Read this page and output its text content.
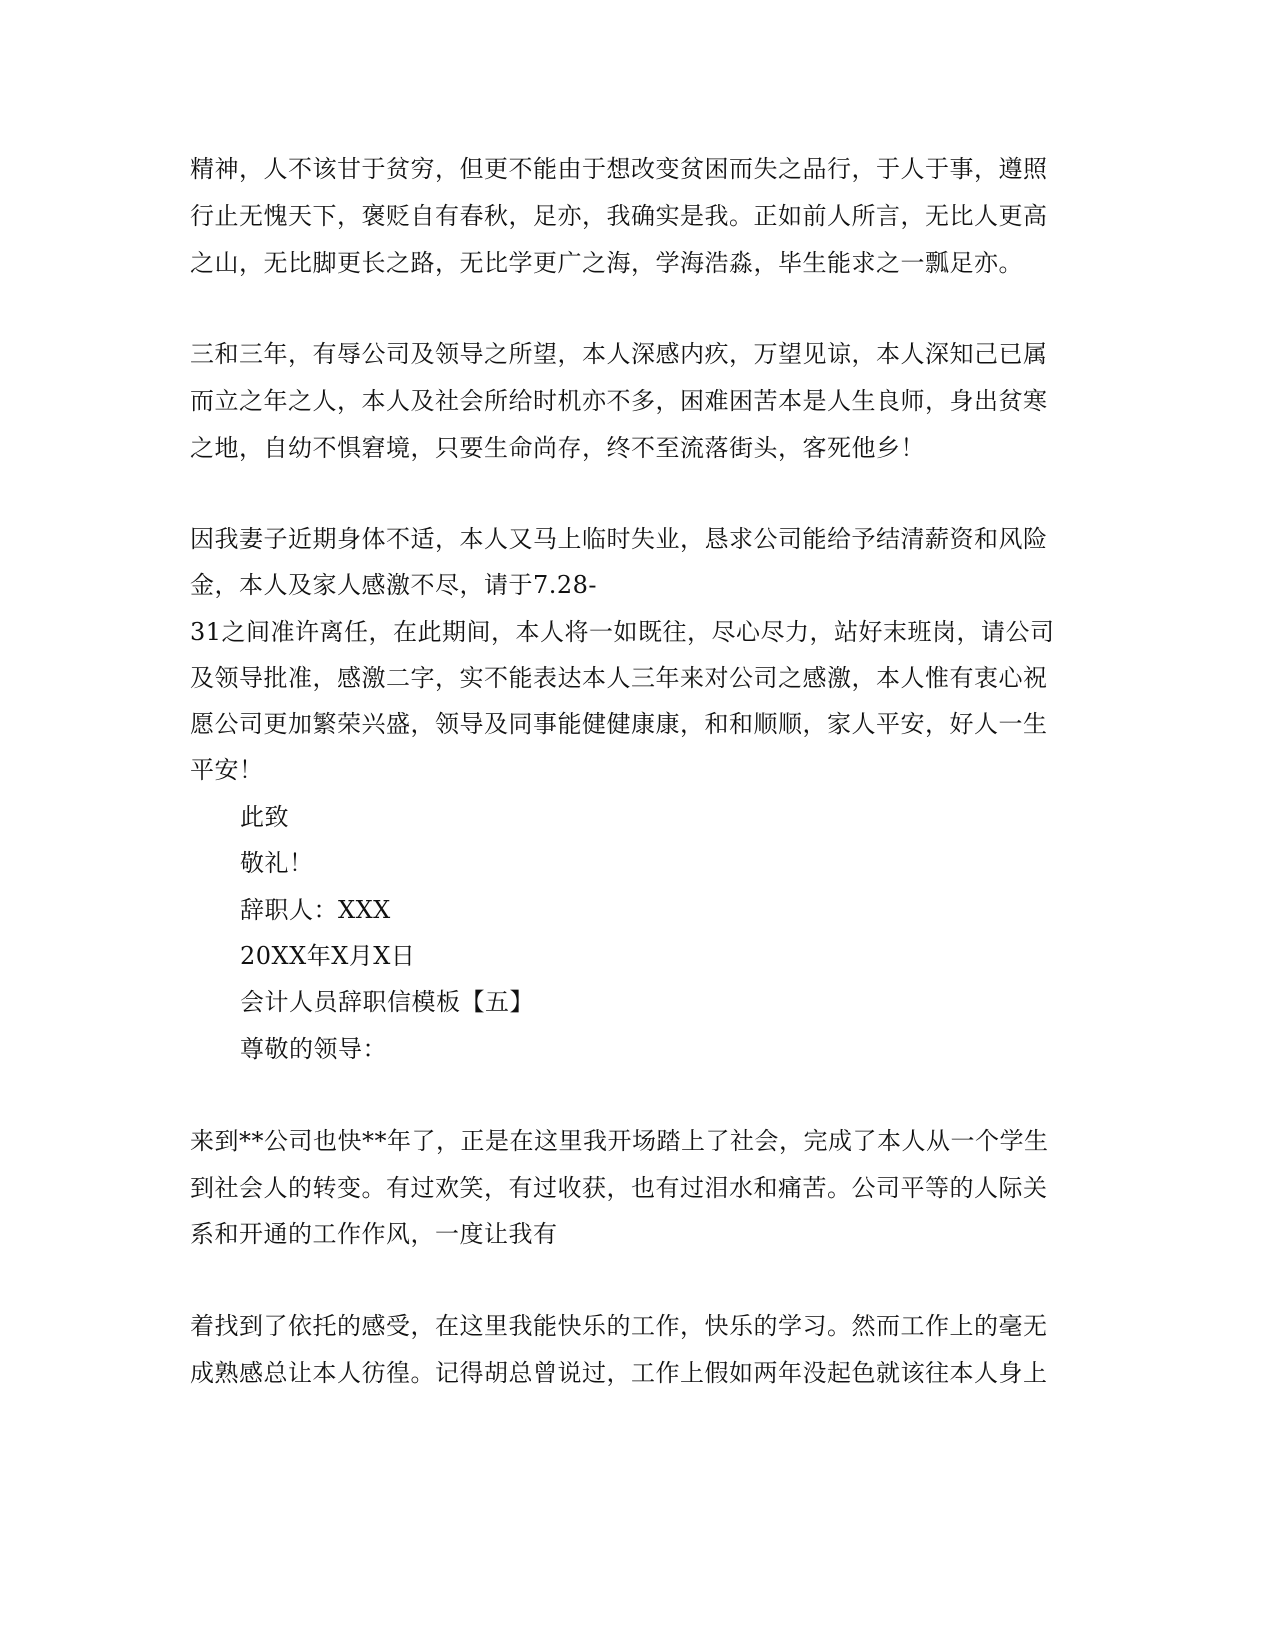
精神，人不该甘于贫穷，但更不能由于想改变贫困而失之品行，于人于事，遵照
行止无愧天下，褒贬自有春秋，足亦，我确实是我。正如前人所言，无比人更高
之山，无比脚更长之路，无比学更广之海，学海浩淼，毕生能求之一瓢足亦。
三和三年，有辱公司及领导之所望，本人深感内疚，万望见谅，本人深知己已属
而立之年之人，本人及社会所给时机亦不多，困难困苦本是人生良师，身出贫寒
之地，自幼不惧窘境，只要生命尚存，终不至流落街头，客死他乡！
因我妻子近期身体不适，本人又马上临时失业，恳求公司能给予结清薪资和风险
金，本人及家人感激不尽，请于7.28-
31之间准许离任，在此期间，本人将一如既往，尽心尽力，站好末班岗，请公司
及领导批准，感激二字，实不能表达本人三年来对公司之感激，本人惟有衷心祝
愿公司更加繁荣兴盛，领导及同事能健健康康，和和顺顺，家人平安，好人一生
平安！
此致
敬礼！
辞职人：XXX
20XX年X月X日
会计人员辞职信模板【五】
尊敬的领导：
来到**公司也快**年了，正是在这里我开场踏上了社会，完成了本人从一个学生
到社会人的转变。有过欢笑，有过收获，也有过泪水和痛苦。公司平等的人际关
系和开通的工作作风，一度让我有
着找到了依托的感受，在这里我能快乐的工作，快乐的学习。然而工作上的毫无
成熟感总让本人彷徨。记得胡总曾说过，工作上假如两年没起色就该往本人身上
